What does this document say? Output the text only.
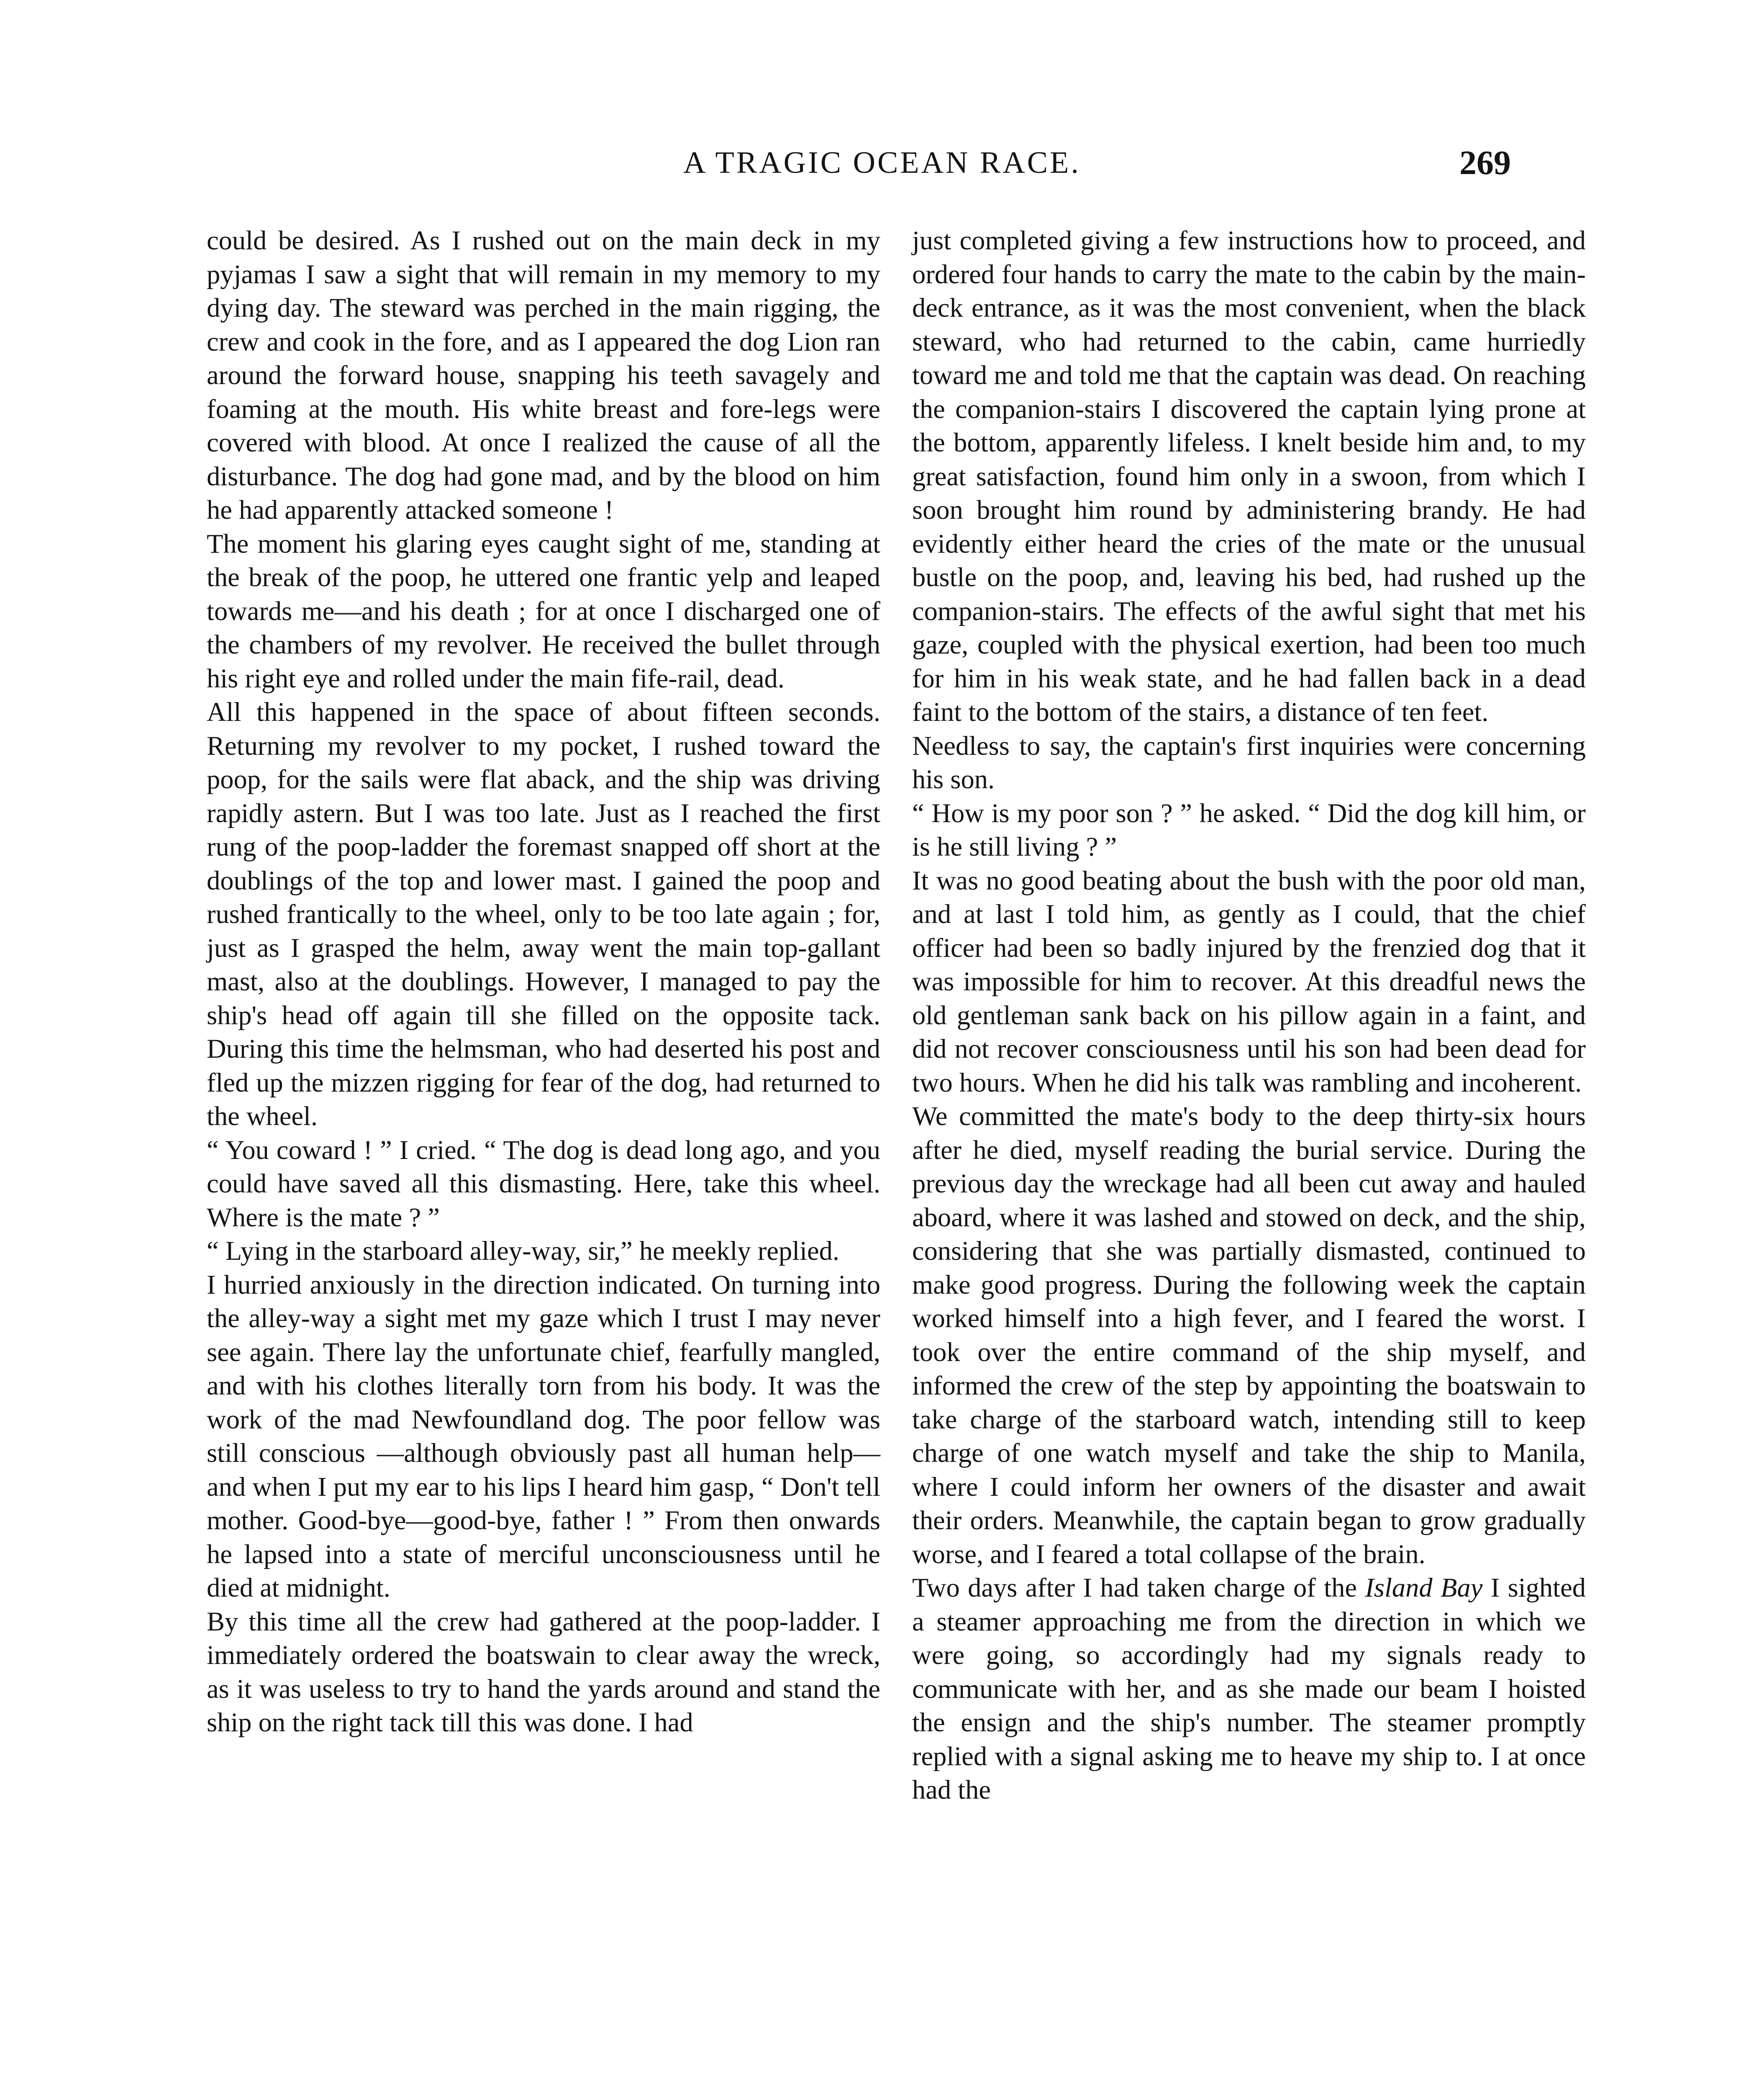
A TRAGIC OCEAN RACE.	269

could be desired. As I rushed out on the main deck in my pyjamas I saw a sight that will remain in my memory to my dying day. The steward was perched in the main rigging, the crew and cook in the fore, and as I appeared the dog Lion ran around the forward house, snapping his teeth savagely and foaming at the mouth. His white breast and fore-legs were covered with blood. At once I realized the cause of all the disturbance. The dog had gone mad, and by the blood on him he had apparently attacked someone !

The moment his glaring eyes caught sight of me, standing at the break of the poop, he uttered one frantic yelp and leaped towards me—and his death ; for at once I discharged one of the chambers of my revolver. He received the bullet through his right eye and rolled under the main fife-rail, dead.

All this happened in the space of about fifteen seconds. Returning my revolver to my pocket, I rushed toward the poop, for the sails were flat aback, and the ship was driving rapidly astern. But I was too late. Just as I reached the first rung of the poop-ladder the foremast snapped off short at the doublings of the top and lower mast. I gained the poop and rushed frantically to the wheel, only to be too late again ; for, just as I grasped the helm, away went the main top-gallant mast, also at the doublings. However, I managed to pay the ship's head off again till she filled on the opposite tack. During this time the helmsman, who had deserted his post and fled up the mizzen rigging for fear of the dog, had returned to the wheel.

“ You coward ! ” I cried. “ The dog is dead long ago, and you could have saved all this dismasting. Here, take this wheel. Where is the mate ? ”

“ Lying in the starboard alley-way, sir,” he meekly replied.

I hurried anxiously in the direction indicated. On turning into the alley-way a sight met my gaze which I trust I may never see again. There lay the unfortunate chief, fearfully mangled, and with his clothes literally torn from his body. It was the work of the mad Newfoundland dog. The poor fellow was still conscious —although obviously past all human help—and when I put my ear to his lips I heard him gasp, “ Don't tell mother. Good-bye—good-bye, father ! ” From then onwards he lapsed into a state of merciful unconsciousness until he died at midnight.

By this time all the crew had gathered at the poop-ladder. I immediately ordered the boatswain to clear away the wreck, as it was useless to try to hand the yards around and stand the ship on the right tack till this was done. I had

just completed giving a few instructions how to proceed, and ordered four hands to carry the mate to the cabin by the main-deck entrance, as it was the most convenient, when the black steward, who had returned to the cabin, came hurriedly toward me and told me that the captain was dead. On reaching the companion-stairs I discovered the captain lying prone at the bottom, apparently lifeless. I knelt beside him and, to my great satisfaction, found him only in a swoon, from which I soon brought him round by administering brandy. He had evidently either heard the cries of the mate or the unusual bustle on the poop, and, leaving his bed, had rushed up the companion-stairs. The effects of the awful sight that met his gaze, coupled with the physical exertion, had been too much for him in his weak state, and he had fallen back in a dead faint to the bottom of the stairs, a distance of ten feet.

Needless to say, the captain's first inquiries were concerning his son.

“ How is my poor son ? ” he asked. “ Did the dog kill him, or is he still living ? ”

It was no good beating about the bush with the poor old man, and at last I told him, as gently as I could, that the chief officer had been so badly injured by the frenzied dog that it was impossible for him to recover. At this dreadful news the old gentleman sank back on his pillow again in a faint, and did not recover consciousness until his son had been dead for two hours. When he did his talk was rambling and incoherent.

We committed the mate's body to the deep thirty-six hours after he died, myself reading the burial service. During the previous day the wreckage had all been cut away and hauled aboard, where it was lashed and stowed on deck, and the ship, considering that she was partially dismasted, continued to make good progress. During the following week the captain worked himself into a high fever, and I feared the worst. I took over the entire command of the ship myself, and informed the crew of the step by appointing the boatswain to take charge of the starboard watch, intending still to keep charge of one watch myself and take the ship to Manila, where I could inform her owners of the disaster and await their orders. Meanwhile, the captain began to grow gradually worse, and I feared a total collapse of the brain.

Two days after I had taken charge of the Island Bay I sighted a steamer approaching me from the direction in which we were going, so accordingly had my signals ready to communicate with her, and as she made our beam I hoisted the ensign and the ship's number. The steamer promptly replied with a signal asking me to heave my ship to. I at once had the
